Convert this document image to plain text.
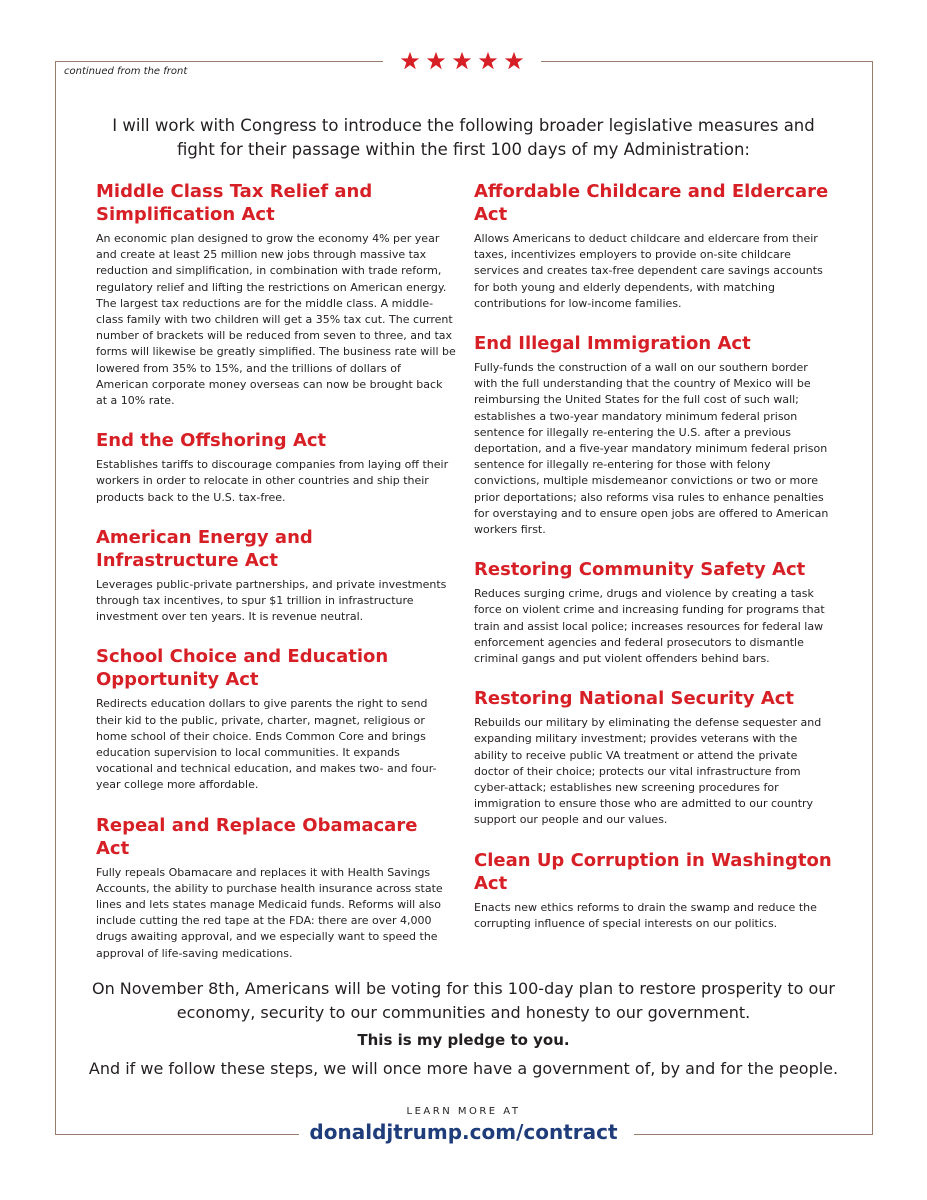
continued from the front
I will work with Congress to introduce the following broader legislative measures and fight for their passage within the first 100 days of my Administration:
Middle Class Tax Relief and Simplification Act

An economic plan designed to grow the economy 4% per year and create at least 25 million new jobs through massive tax reduction and simplification, in combination with trade reform, regulatory relief and lifting the restrictions on American energy. The largest tax reductions are for the middle class. A middle-class family with two children will get a 35% tax cut. The current number of brackets will be reduced from seven to three, and tax forms will likewise be greatly simplified. The business rate will be lowered from 35% to 15%, and the trillions of dollars of American corporate money overseas can now be brought back at a 10% rate.

End the Offshoring Act

Establishes tariffs to discourage companies from laying off their workers in order to relocate in other countries and ship their products back to the U.S. tax-free.

American Energy and Infrastructure Act

Leverages public-private partnerships, and private investments through tax incentives, to spur $1 trillion in infrastructure investment over ten years. It is revenue neutral.

School Choice and Education Opportunity Act

Redirects education dollars to give parents the right to send their kid to the public, private, charter, magnet, religious or home school of their choice. Ends Common Core and brings education supervision to local communities. It expands vocational and technical education, and makes two- and four-year college more affordable.

Repeal and Replace Obamacare Act

Fully repeals Obamacare and replaces it with Health Savings Accounts, the ability to purchase health insurance across state lines and lets states manage Medicaid funds. Reforms will also include cutting the red tape at the FDA: there are over 4,000 drugs awaiting approval, and we especially want to speed the approval of life-saving medications.

Affordable Childcare and Eldercare Act

Allows Americans to deduct childcare and eldercare from their taxes, incentivizes employers to provide on-site childcare services and creates tax-free dependent care savings accounts for both young and elderly dependents, with matching contributions for low-income families.

End Illegal Immigration Act

Fully-funds the construction of a wall on our southern border with the full understanding that the country of Mexico will be reimbursing the United States for the full cost of such wall; establishes a two-year mandatory minimum federal prison sentence for illegally re-entering the U.S. after a previous deportation, and a five-year mandatory minimum federal prison sentence for illegally re-entering for those with felony convictions, multiple misdemeanor convictions or two or more prior deportations; also reforms visa rules to enhance penalties for overstaying and to ensure open jobs are offered to American workers first.

Restoring Community Safety Act

Reduces surging crime, drugs and violence by creating a task force on violent crime and increasing funding for programs that train and assist local police; increases resources for federal law enforcement agencies and federal prosecutors to dismantle criminal gangs and put violent offenders behind bars.

Restoring National Security Act

Rebuilds our military by eliminating the defense sequester and expanding military investment; provides veterans with the ability to receive public VA treatment or attend the private doctor of their choice; protects our vital infrastructure from cyber-attack; establishes new screening procedures for immigration to ensure those who are admitted to our country support our people and our values.

Clean Up Corruption in Washington Act

Enacts new ethics reforms to drain the swamp and reduce the corrupting influence of special interests on our politics.

On November 8th, Americans will be voting for this 100-day plan to restore prosperity to our economy, security to our communities and honesty to our government.
This is my pledge to you.
And if we follow these steps, we will once more have a government of, by and for the people.
LEARN MORE AT
donaldjtrump.com/contract
